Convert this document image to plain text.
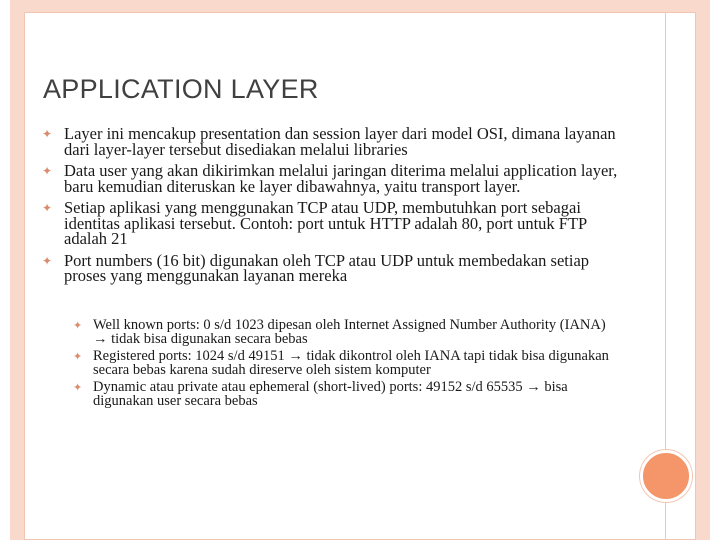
APPLICATION LAYER
✦ Layer ini mencakup presentation dan session layer dari model OSI, dimana layanan dari layer-layer tersebut disediakan melalui libraries
✦ Data user yang akan dikirimkan melalui jaringan diterima melalui application layer, baru kemudian diteruskan ke layer dibawahnya, yaitu transport layer.
✦ Setiap aplikasi yang menggunakan TCP atau UDP, membutuhkan port sebagai identitas aplikasi tersebut. Contoh: port untuk HTTP adalah 80, port untuk FTP adalah 21
✦ Port numbers (16 bit) digunakan oleh TCP atau UDP untuk membedakan setiap proses yang menggunakan layanan mereka
✦ Well known ports: 0 s/d 1023 dipesan oleh Internet Assigned Number Authority (IANA) → tidak bisa digunakan secara bebas
✦ Registered ports: 1024 s/d 49151 → tidak dikontrol oleh IANA tapi tidak bisa digunakan secara bebas karena sudah direserve oleh sistem komputer
✦ Dynamic atau private atau ephemeral (short-lived) ports: 49152 s/d 65535 → bisa digunakan user secara bebas
